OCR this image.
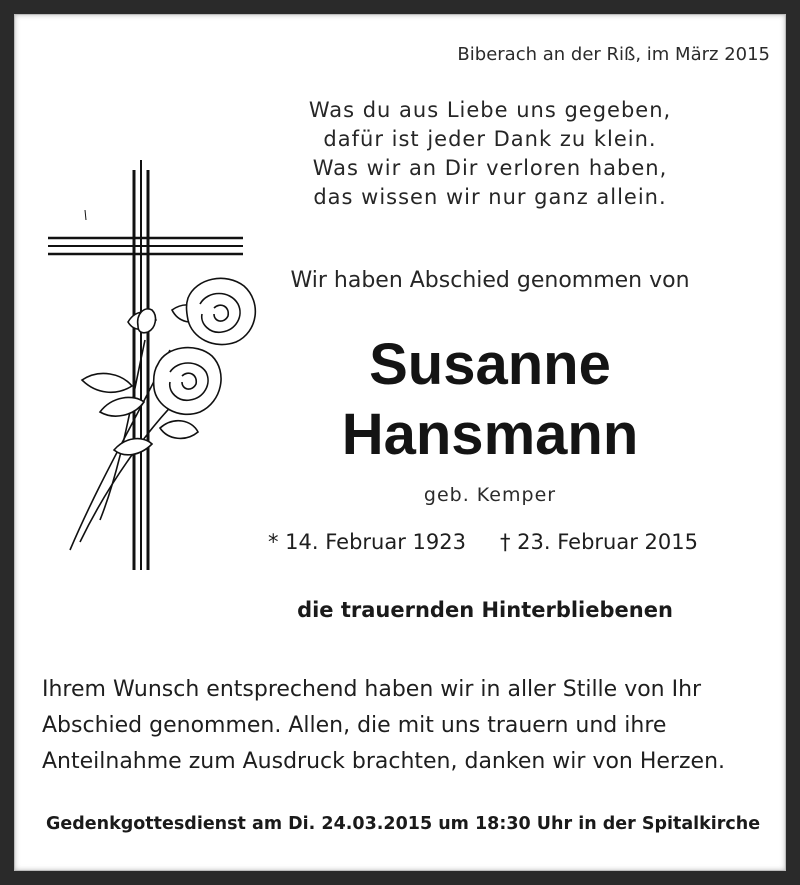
Biberach an der Riß, im März 2015
Was du aus Liebe uns gegeben,
dafür ist jeder Dank zu klein.
Was wir an Dir verloren haben,
das wissen wir nur ganz allein.
Wir haben Abschied genommen von
Susanne
Hansmann
geb. Kemper
* 14. Februar 1923 † 23. Februar 2015
die trauernden Hinterbliebenen
Ihrem Wunsch entsprechend haben wir in aller Stille von Ihr
Abschied genommen. Allen, die mit uns trauern und ihre
Anteilnahme zum Ausdruck brachten, danken wir von Herzen.
Gedenkgottesdienst am Di. 24.03.2015 um 18:30 Uhr in der Spitalkirche
